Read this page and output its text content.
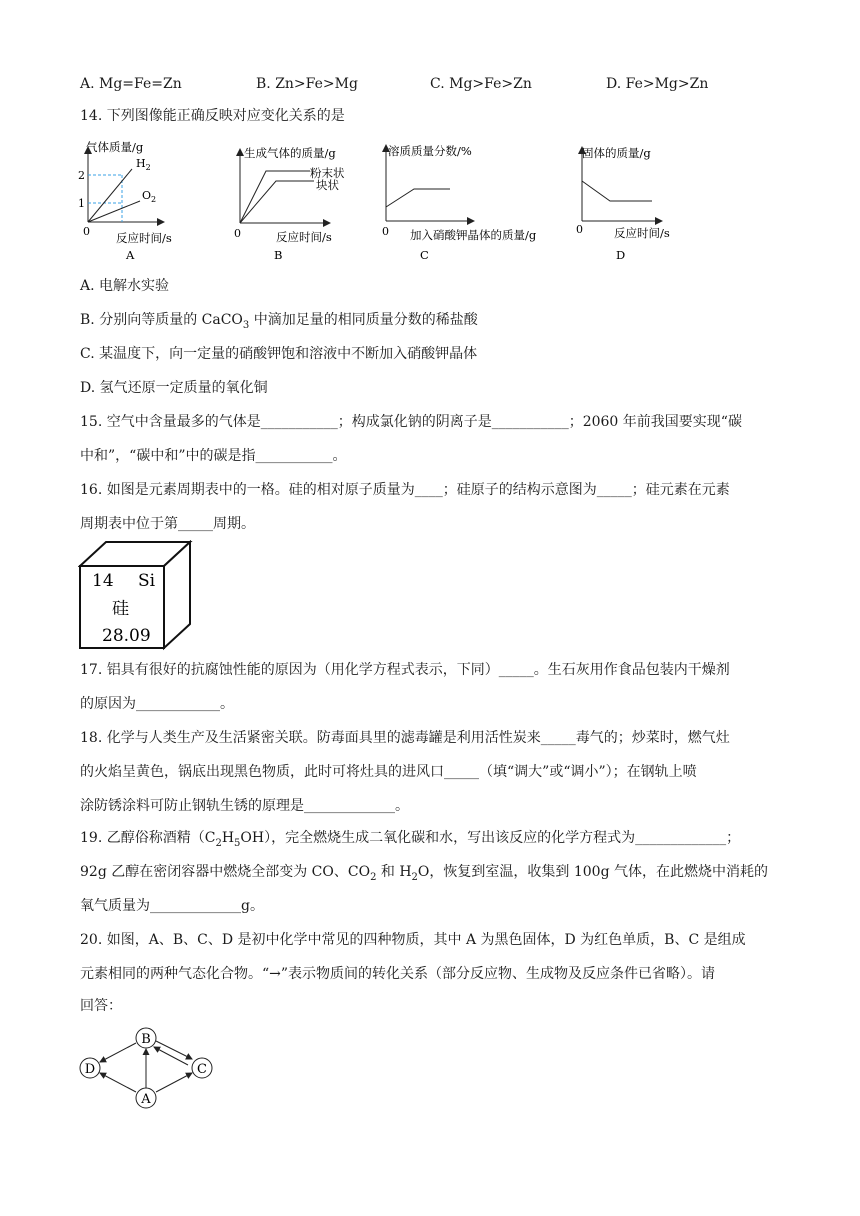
A. Mg=Fe=Zn	B. Zn>Fe>Mg	C. Mg>Fe>Zn	D. Fe>Mg>Zn
14. 下列图像能正确反映对应变化关系的是
气体质量/g
2
1
$H_2$
$O_2$
0 反应时间/s
A
生成气体的质量/g
粉末状
块状
0	反应时间/s
B
溶质质量分数/%
0 加入硝酸钾晶体的质量/g
C
固体的质量/g
0	反应时间/s
D
A. 电解水实验
B. 分别向等质量的 CaCO$_3$ 中滴加足量的相同质量分数的稀盐酸
C. 某温度下，向一定量的硝酸钾饱和溶液中不断加入硝酸钾晶体
D. 氢气还原一定质量的氧化铜
15. 空气中含量最多的气体是___________；构成氯化钠的阴离子是___________；2060 年前我国要实现“碳
中和”，“碳中和”中的碳是指___________。
16. 如图是元素周期表中的一格。硅的相对原子质量为____；硅原子的结构示意图为_____；硅元素在元素
周期表中位于第_____周期。
14 Si
硅
28.09
17. 铝具有很好的抗腐蚀性能的原因为（用化学方程式表示，下同）_____。生石灰用作食品包装内干燥剂
的原因为____________。
18. 化学与人类生产及生活紧密关联。防毒面具里的滤毒罐是利用活性炭来_____毒气的；炒菜时，燃气灶
的火焰呈黄色，锅底出现黑色物质，此时可将灶具的进风口_____（填“调大”或“调小”）；在钢轨上喷
涂防锈涂料可防止钢轨生锈的原理是_____________。
19. 乙醇俗称酒精$(C_2H_5OH)$，完全燃烧生成二氧化碳和水，写出该反应的化学方程式为_____________；
92g 乙醇在密闭容器中燃烧全部变为 CO、$CO_2$ 和 $H_2O$，恢复到室温，收集到 100g 气体，在此燃烧中消耗的
氧气质量为_____________g。
20. 如图，A、B、C、D 是初中化学中常见的四种物质，其中 A 为黑色固体，D 为红色单质，B、C 是组成
元素相同的两种气态化合物。“→”表示物质间的转化关系（部分反应物、生成物及反应条件已省略）。请
回答：
B
D	C
A
